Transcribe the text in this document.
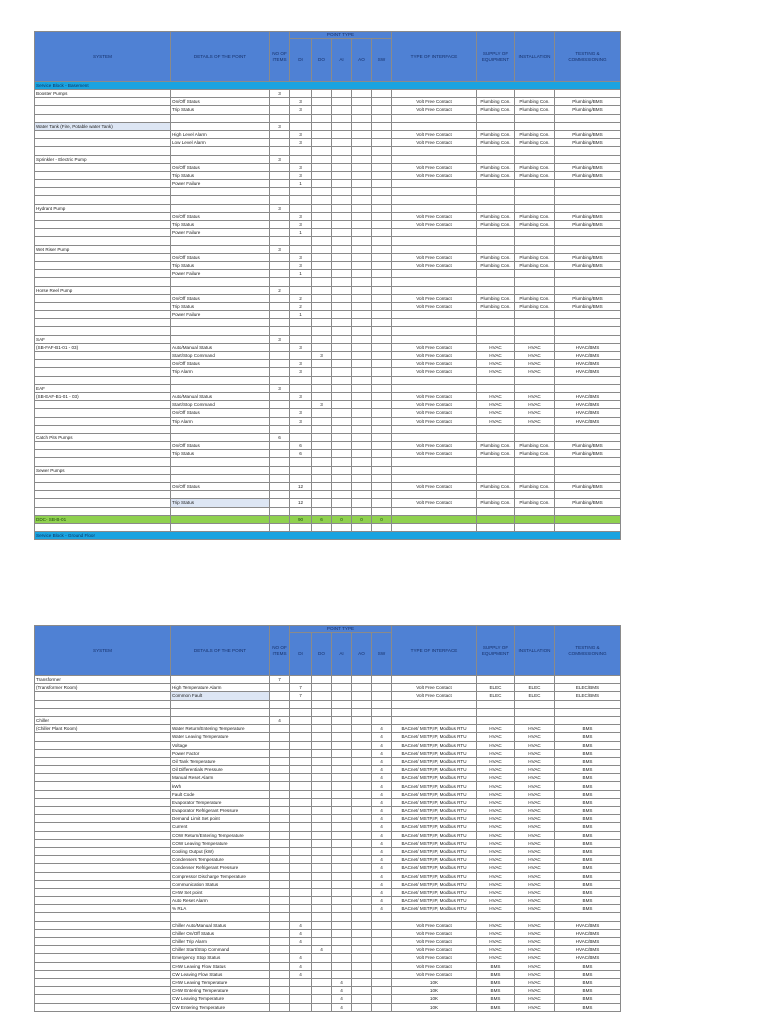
SYSTEM	DETAILS OF THE POINT	NO OF ITEMS	POINT TYPE					TYPE OF INTERFACE	SUPPLY OF EQUIPMENT	INSTALLATION	TESTING & COMMISSIONING
			DI	DO	AI	AO	SW				
Service Block - Basement											
Booster Pumps		3									
	On/Off Status		3					Volt Free Contact	Plumbing Con.	Plumbing Con.	Plumbing/BMS
	Trip Status		3					Volt Free Contact	Plumbing Con.	Plumbing Con.	Plumbing/BMS

Water Tank (Fire, Potable water Tank)		3									
	High Level Alarm		3					Volt Free Contact	Plumbing Con.	Plumbing Con.	Plumbing/BMS
	Low Level Alarm		3					Volt Free Contact	Plumbing Con.	Plumbing Con.	Plumbing/BMS

Sprinkler - Electric Pump		3									
	On/Off Status		3					Volt Free Contact	Plumbing Con.	Plumbing Con.	Plumbing/BMS
	Trip Status		3					Volt Free Contact	Plumbing Con.	Plumbing Con.	Plumbing/BMS
	Power Failure		1								

Hydrant Pump		3									
	On/Off Status		3					Volt Free Contact	Plumbing Con.	Plumbing Con.	Plumbing/BMS
	Trip Status		3					Volt Free Contact	Plumbing Con.	Plumbing Con.	Plumbing/BMS
	Power Failure		1								

Wet Riser Pump		3									
	On/Off Status		3					Volt Free Contact	Plumbing Con.	Plumbing Con.	Plumbing/BMS
	Trip Status		3					Volt Free Contact	Plumbing Con.	Plumbing Con.	Plumbing/BMS
	Power Failure		1								

Horse Reel Pump		2									
	On/Off Status		2					Volt Free Contact	Plumbing Con.	Plumbing Con.	Plumbing/BMS
	Trip Status		2					Volt Free Contact	Plumbing Con.	Plumbing Con.	Plumbing/BMS
	Power Failure		1								

SAF		3									
(SB-FAF-B1-01 - 03)	Auto/Manual Status		3					Volt Free Contact	HVAC	HVAC	HVAC/BMS
	Start/Stop Command			3				Volt Free Contact	HVAC	HVAC	HVAC/BMS
	On/Off Status		3					Volt Free Contact	HVAC	HVAC	HVAC/BMS
	Trip Alarm		3					Volt Free Contact	HVAC	HVAC	HVAC/BMS

EAF		3									
(SB-EAF-B1-01 - 03)	Auto/Manual Status		3					Volt Free Contact	HVAC	HVAC	HVAC/BMS
	Start/Stop Command			3				Volt Free Contact	HVAC	HVAC	HVAC/BMS
	On/Off Status		3					Volt Free Contact	HVAC	HVAC	HVAC/BMS
	Trip Alarm		3					Volt Free Contact	HVAC	HVAC	HVAC/BMS

Catch Pits Pumps		6									
	On/Off Status		6					Volt Free Contact	Plumbing Con.	Plumbing Con.	Plumbing/BMS
	Trip Status		6					Volt Free Contact	Plumbing Con.	Plumbing Con.	Plumbing/BMS

Sewer Pumps											

	On/Off Status		12					Volt Free Contact	Plumbing Con.	Plumbing Con.	Plumbing/BMS

	Trip Status		12					Volt Free Contact	Plumbing Con.	Plumbing Con.	Plumbing/BMS

DDC- SB-B-01			90	6	0	0	0				

Service Block - Ground Floor											
SYSTEM	DETAILS OF THE POINT	NO OF ITEMS	POINT TYPE					TYPE OF INTERFACE	SUPPLY OF EQUIPMENT	INSTALLATION	TESTING & COMMISSIONING
			DI	DO	AI	AO	SW				
Transformer		7									
(Transformer Room)	High Temperature Alarm		7					Volt Free Contact	ELEC	ELEC	ELEC/BMS
	Common Fault		7					Volt Free Contact	ELEC	ELEC	ELEC/BMS

Chiller		4									
(Chiller Plant Room)	Water Return/Entering Temperature						4	BACnet/ MSTP,IP, Modbus RTU	HVAC	HVAC	BMS
	Water Leaving Temperature						4	BACnet/ MSTP,IP, Modbus RTU	HVAC	HVAC	BMS
	Voltage						4	BACnet/ MSTP,IP, Modbus RTU	HVAC	HVAC	BMS
	Power Factor						4	BACnet/ MSTP,IP, Modbus RTU	HVAC	HVAC	BMS
	Oil Tank Temperature						4	BACnet/ MSTP,IP, Modbus RTU	HVAC	HVAC	BMS
	Oil Differentials Pressure						4	BACnet/ MSTP,IP, Modbus RTU	HVAC	HVAC	BMS
	Manual Reset Alarm						4	BACnet/ MSTP,IP, Modbus RTU	HVAC	HVAC	BMS
	kWh						4	BACnet/ MSTP,IP, Modbus RTU	HVAC	HVAC	BMS
	Fault Code						4	BACnet/ MSTP,IP, Modbus RTU	HVAC	HVAC	BMS
	Evaporator Temperature						4	BACnet/ MSTP,IP, Modbus RTU	HVAC	HVAC	BMS
	Evaporator Refrigerant Pressure						4	BACnet/ MSTP,IP, Modbus RTU	HVAC	HVAC	BMS
	Demand Limit Set point						4	BACnet/ MSTP,IP, Modbus RTU	HVAC	HVAC	BMS
	Current						4	BACnet/ MSTP,IP, Modbus RTU	HVAC	HVAC	BMS
	COW Return/Entering Temperature						4	BACnet/ MSTP,IP, Modbus RTU	HVAC	HVAC	BMS
	COW Leaving Temperature						4	BACnet/ MSTP,IP, Modbus RTU	HVAC	HVAC	BMS
	Cooling Output (kW)						4	BACnet/ MSTP,IP, Modbus RTU	HVAC	HVAC	BMS
	Condensers Temperature						4	BACnet/ MSTP,IP, Modbus RTU	HVAC	HVAC	BMS
	Condenser Refrigerant Pressure						4	BACnet/ MSTP,IP, Modbus RTU	HVAC	HVAC	BMS
	Compressor Discharge Temperature						4	BACnet/ MSTP,IP, Modbus RTU	HVAC	HVAC	BMS
	Communication Status						4	BACnet/ MSTP,IP, Modbus RTU	HVAC	HVAC	BMS
	CHW Set point						4	BACnet/ MSTP,IP, Modbus RTU	HVAC	HVAC	BMS
	Auto Reset Alarm						4	BACnet/ MSTP,IP, Modbus RTU	HVAC	HVAC	BMS
	% RLA						4	BACnet/ MSTP,IP, Modbus RTU	HVAC	HVAC	BMS

	Chiller Auto/Manual Status		4					Volt Free Contact	HVAC	HVAC	HVAC/BMS
	Chiller On/Off Status		4					Volt Free Contact	HVAC	HVAC	HVAC/BMS
	Chiller Trip Alarm		4					Volt Free Contact	HVAC	HVAC	HVAC/BMS
	Chiller Start/Stop Command			4				Volt Free Contact	HVAC	HVAC	HVAC/BMS
	Emergency Stop Status		4					Volt Free Contact	HVAC	HVAC	HVAC/BMS
	CHW Leaving Flow Status		4					Volt Free Contact	BMS	HVAC	BMS
	CW Leaving Flow Status		4					Volt Free Contact	BMS	HVAC	BMS
	CHW Leaving Temperature				4			10K	BMS	HVAC	BMS
	CHW Entering Temperature				4			10K	BMS	HVAC	BMS
	CW Leaving Temperature				4			10K	BMS	HVAC	BMS
	CW Entering Temperature				4			10K	BMS	HVAC	BMS
